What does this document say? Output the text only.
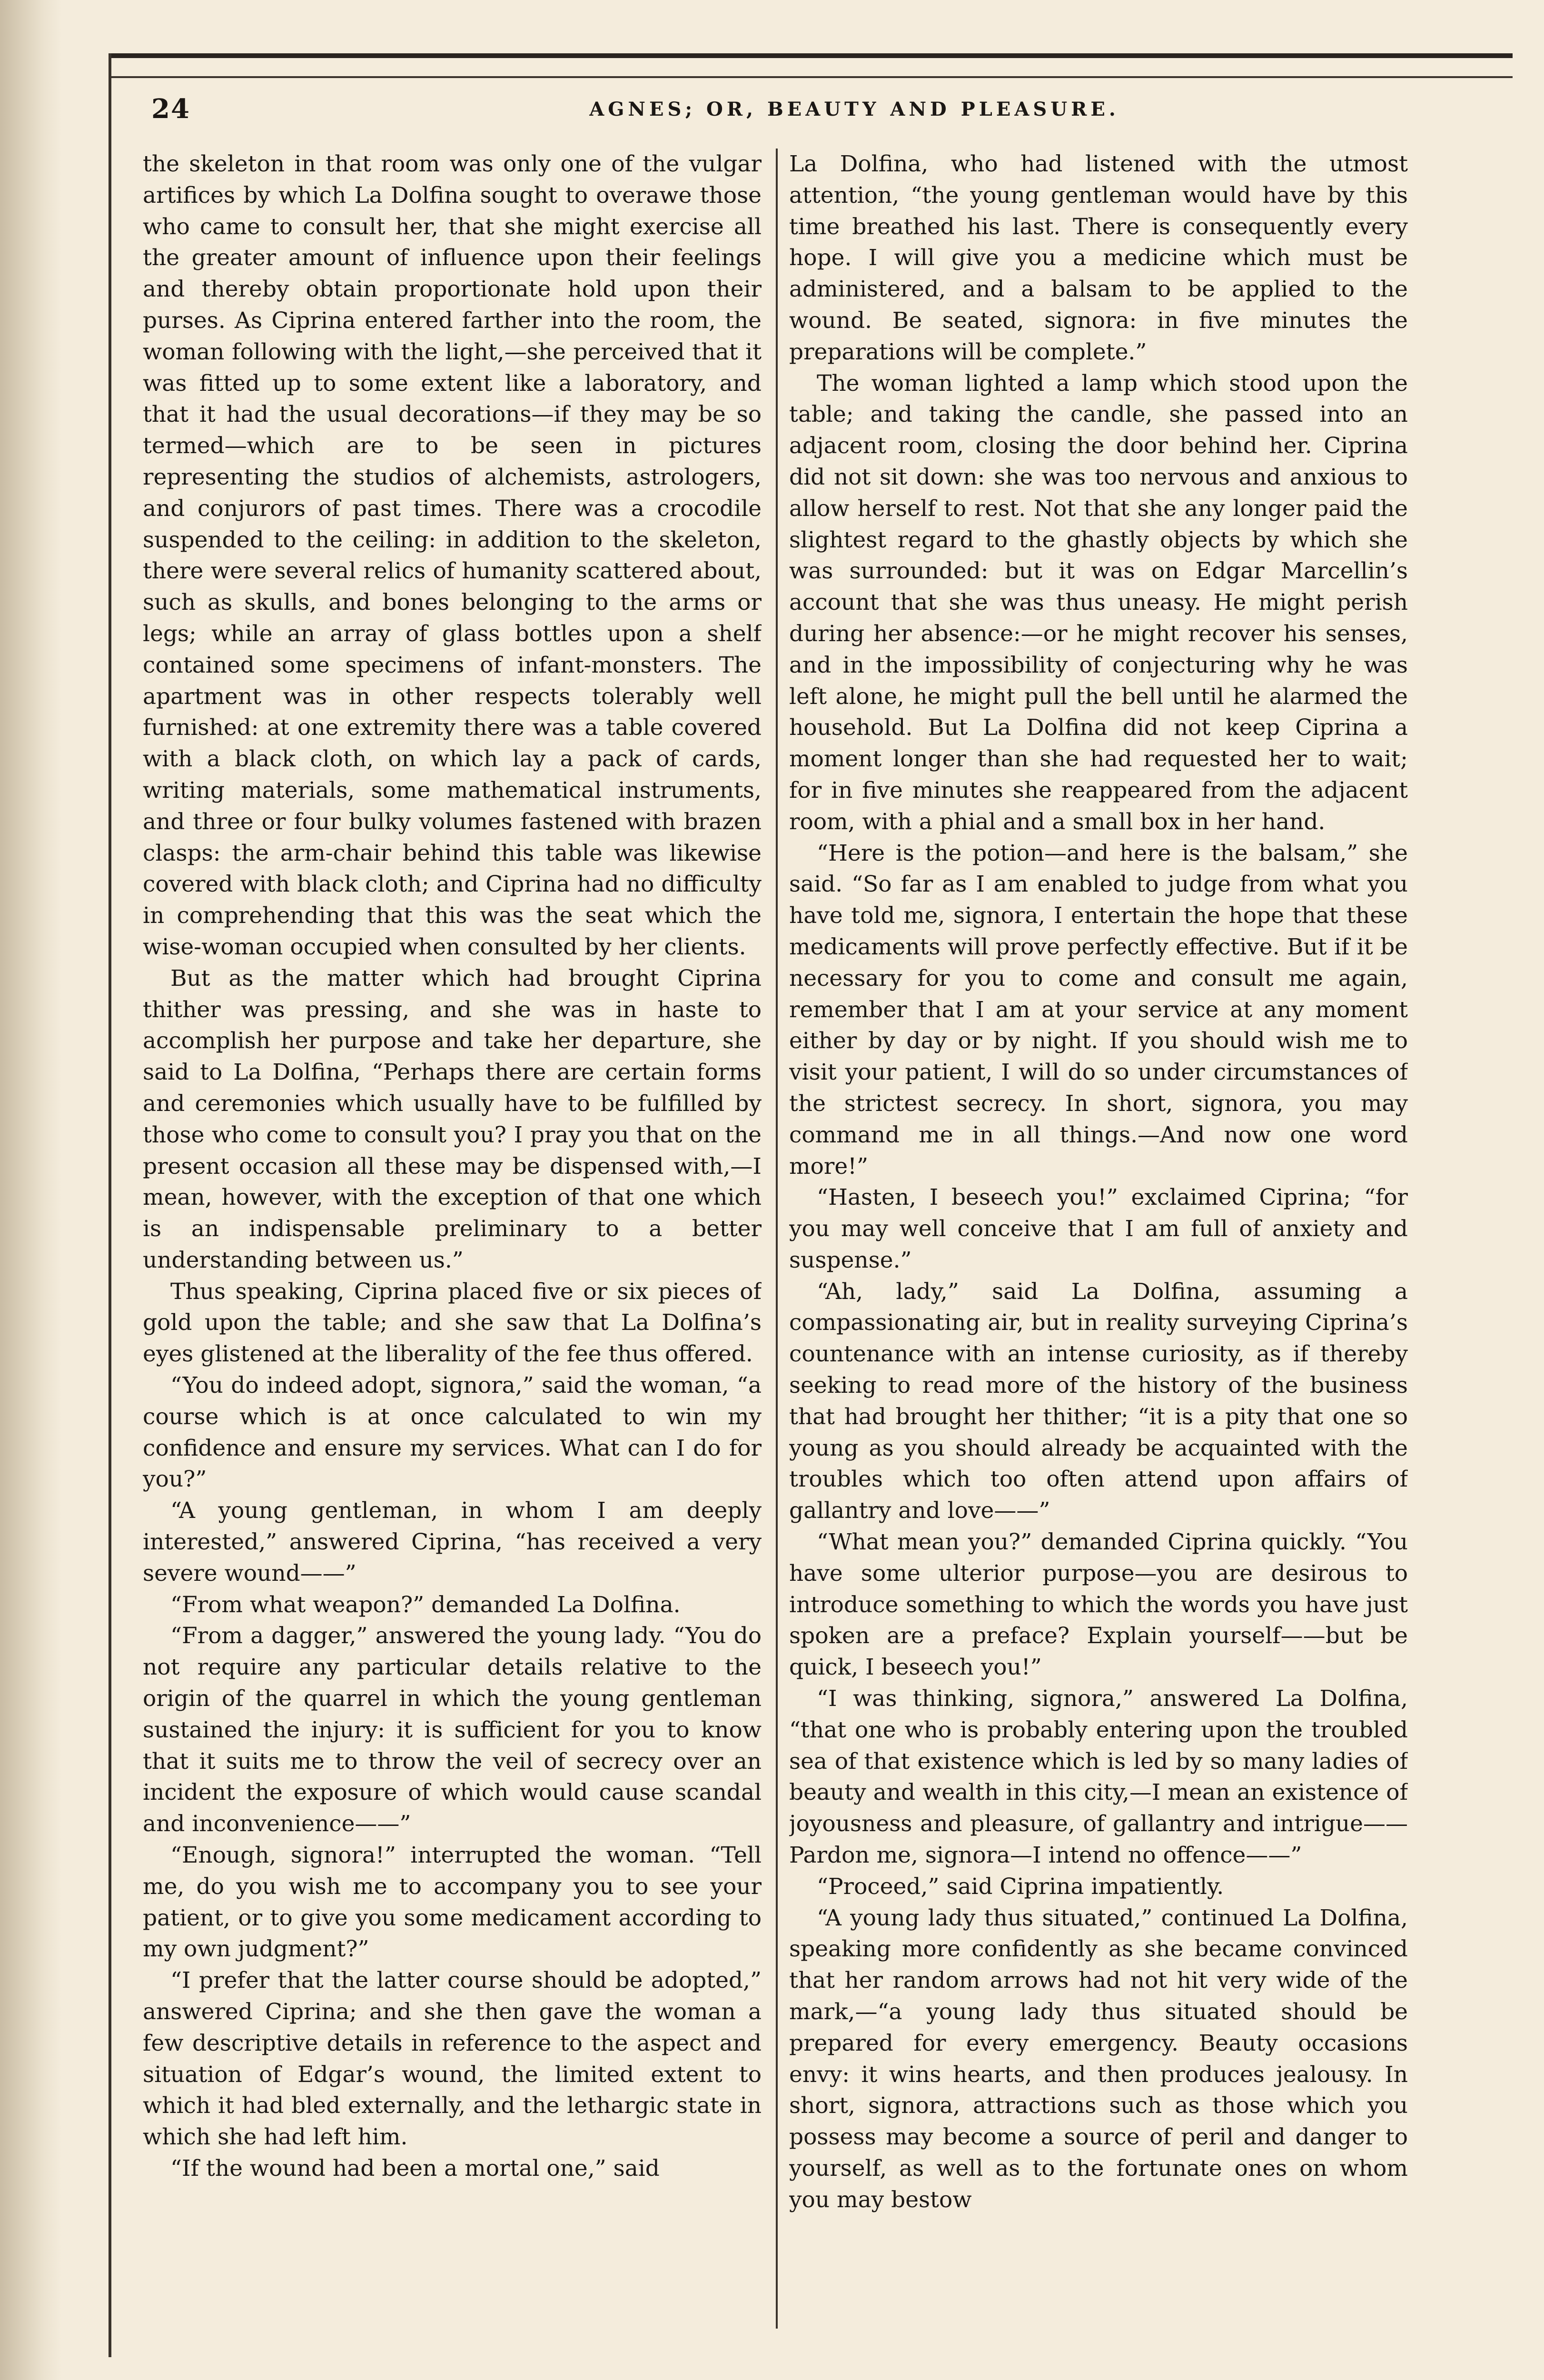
24	AGNES; OR, BEAUTY AND PLEASURE.

the skeleton in that room was only one of the vulgar artifices by which La Dolfina sought to overawe those who came to consult her, that she might exercise all the greater amount of influence upon their feelings and thereby obtain proportionate hold upon their purses. As Ciprina entered farther into the room, the woman following with the light,—she perceived that it was fitted up to some extent like a laboratory, and that it had the usual decorations—if they may be so termed—which are to be seen in pictures representing the studios of alchemists, astrologers, and conjurors of past times. There was a crocodile suspended to the ceiling: in addition to the skeleton, there were several relics of humanity scattered about, such as skulls, and bones belonging to the arms or legs; while an array of glass bottles upon a shelf contained some specimens of infant-monsters. The apartment was in other respects tolerably well furnished: at one extremity there was a table covered with a black cloth, on which lay a pack of cards, writing materials, some mathematical instruments, and three or four bulky volumes fastened with brazen clasps: the arm-chair behind this table was likewise covered with black cloth; and Ciprina had no difficulty in comprehending that this was the seat which the wise-woman occupied when consulted by her clients.

But as the matter which had brought Ciprina thither was pressing, and she was in haste to accomplish her purpose and take her departure, she said to La Dolfina, “Perhaps there are certain forms and ceremonies which usually have to be fulfilled by those who come to consult you? I pray you that on the present occasion all these may be dispensed with,—I mean, however, with the exception of that one which is an indispensable preliminary to a better understanding between us.”

Thus speaking, Ciprina placed five or six pieces of gold upon the table; and she saw that La Dolfina’s eyes glistened at the liberality of the fee thus offered.

“You do indeed adopt, signora,” said the woman, “a course which is at once calculated to win my confidence and ensure my services. What can I do for you?”

“A young gentleman, in whom I am deeply interested,” answered Ciprina, “has received a very severe wound——”

“From what weapon?” demanded La Dolfina.

“From a dagger,” answered the young lady. “You do not require any particular details relative to the origin of the quarrel in which the young gentleman sustained the injury: it is sufficient for you to know that it suits me to throw the veil of secrecy over an incident the exposure of which would cause scandal and inconvenience——”

“Enough, signora!” interrupted the woman. “Tell me, do you wish me to accompany you to see your patient, or to give you some medicament according to my own judgment?”

“I prefer that the latter course should be adopted,” answered Ciprina; and she then gave the woman a few descriptive details in reference to the aspect and situation of Edgar’s wound, the limited extent to which it had bled externally, and the lethargic state in which she had left him.

“If the wound had been a mortal one,” said

La Dolfina, who had listened with the utmost attention, “the young gentleman would have by this time breathed his last. There is consequently every hope. I will give you a medicine which must be administered, and a balsam to be applied to the wound. Be seated, signora: in five minutes the preparations will be complete.”

The woman lighted a lamp which stood upon the table; and taking the candle, she passed into an adjacent room, closing the door behind her. Ciprina did not sit down: she was too nervous and anxious to allow herself to rest. Not that she any longer paid the slightest regard to the ghastly objects by which she was surrounded: but it was on Edgar Marcellin’s account that she was thus uneasy. He might perish during her absence:—or he might recover his senses, and in the impossibility of conjecturing why he was left alone, he might pull the bell until he alarmed the household. But La Dolfina did not keep Ciprina a moment longer than she had requested her to wait; for in five minutes she reappeared from the adjacent room, with a phial and a small box in her hand.

“Here is the potion—and here is the balsam,” she said. “So far as I am enabled to judge from what you have told me, signora, I entertain the hope that these medicaments will prove perfectly effective. But if it be necessary for you to come and consult me again, remember that I am at your service at any moment either by day or by night. If you should wish me to visit your patient, I will do so under circumstances of the strictest secrecy. In short, signora, you may command me in all things.—And now one word more!”

“Hasten, I beseech you!” exclaimed Ciprina; “for you may well conceive that I am full of anxiety and suspense.”

“Ah, lady,” said La Dolfina, assuming a compassionating air, but in reality surveying Ciprina’s countenance with an intense curiosity, as if thereby seeking to read more of the history of the business that had brought her thither; “it is a pity that one so young as you should already be acquainted with the troubles which too often attend upon affairs of gallantry and love——”

“What mean you?” demanded Ciprina quickly. “You have some ulterior purpose—you are desirous to introduce something to which the words you have just spoken are a preface? Explain yourself——but be quick, I beseech you!”

“I was thinking, signora,” answered La Dolfina, “that one who is probably entering upon the troubled sea of that existence which is led by so many ladies of beauty and wealth in this city,—I mean an existence of joyousness and pleasure, of gallantry and intrigue——Pardon me, signora—I intend no offence——”

“Proceed,” said Ciprina impatiently.

“A young lady thus situated,” continued La Dolfina, speaking more confidently as she became convinced that her random arrows had not hit very wide of the mark,—“a young lady thus situated should be prepared for every emergency. Beauty occasions envy: it wins hearts, and then produces jealousy. In short, signora, attractions such as those which you possess may become a source of peril and danger to yourself, as well as to the fortunate ones on whom you may bestow
